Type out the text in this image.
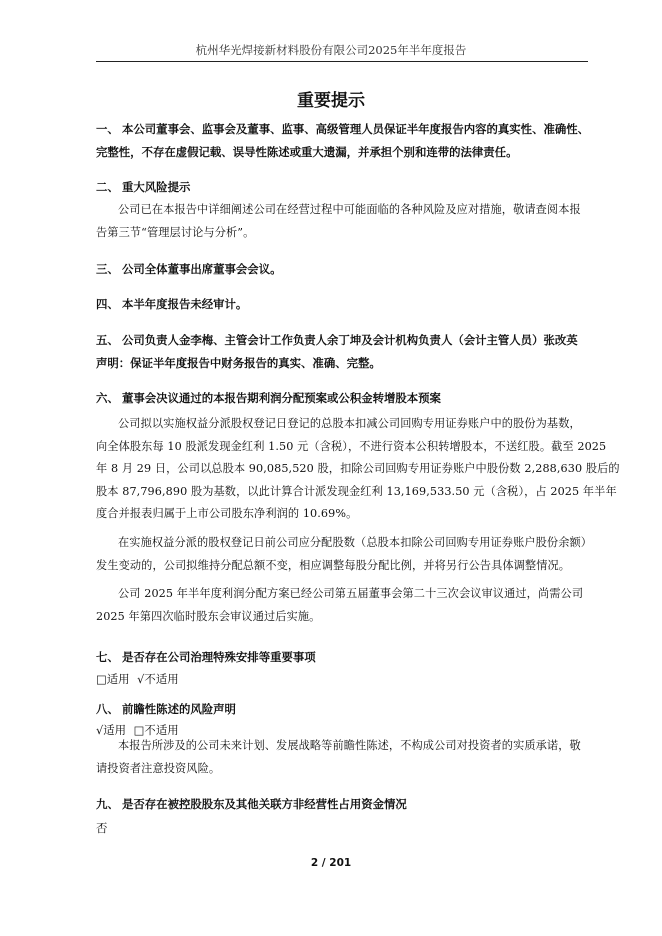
杭州华光焊接新材料股份有限公司2025年半年度报告
重要提示
一、 本公司董事会、监事会及董事、监事、高级管理人员保证半年度报告内容的真实性、准确性、
完整性，不存在虚假记载、误导性陈述或重大遗漏，并承担个别和连带的法律责任。
二、 重大风险提示
公司已在本报告中详细阐述公司在经营过程中可能面临的各种风险及应对措施，敬请查阅本报
告第三节“管理层讨论与分析”。
三、 公司全体董事出席董事会会议。
四、 本半年度报告未经审计。
五、 公司负责人金李梅、主管会计工作负责人余丁坤及会计机构负责人（会计主管人员）张改英
声明：保证半年度报告中财务报告的真实、准确、完整。
六、 董事会决议通过的本报告期利润分配预案或公积金转增股本预案
公司拟以实施权益分派股权登记日登记的总股本扣减公司回购专用证券账户中的股份为基数，
向全体股东每 10 股派发现金红利 1.50 元（含税），不进行资本公积转增股本，不送红股。截至 2025
年 8 月 29 日，公司以总股本 90,085,520 股，扣除公司回购专用证券账户中股份数 2,288,630 股后的
股本 87,796,890 股为基数，以此计算合计派发现金红利 13,169,533.50 元（含税），占 2025 年半年
度合并报表归属于上市公司股东净利润的 10.69%。
在实施权益分派的股权登记日前公司应分配股数（总股本扣除公司回购专用证券账户股份余额）
发生变动的，公司拟维持分配总额不变，相应调整每股分配比例，并将另行公告具体调整情况。
公司 2025 年半年度利润分配方案已经公司第五届董事会第二十三次会议审议通过，尚需公司
2025 年第四次临时股东会审议通过后实施。
七、 是否存在公司治理特殊安排等重要事项
□适用 √不适用
八、 前瞻性陈述的风险声明
√适用 □不适用
本报告所涉及的公司未来计划、发展战略等前瞻性陈述，不构成公司对投资者的实质承诺，敬
请投资者注意投资风险。
九、 是否存在被控股股东及其他关联方非经营性占用资金情况
否
2 / 201
